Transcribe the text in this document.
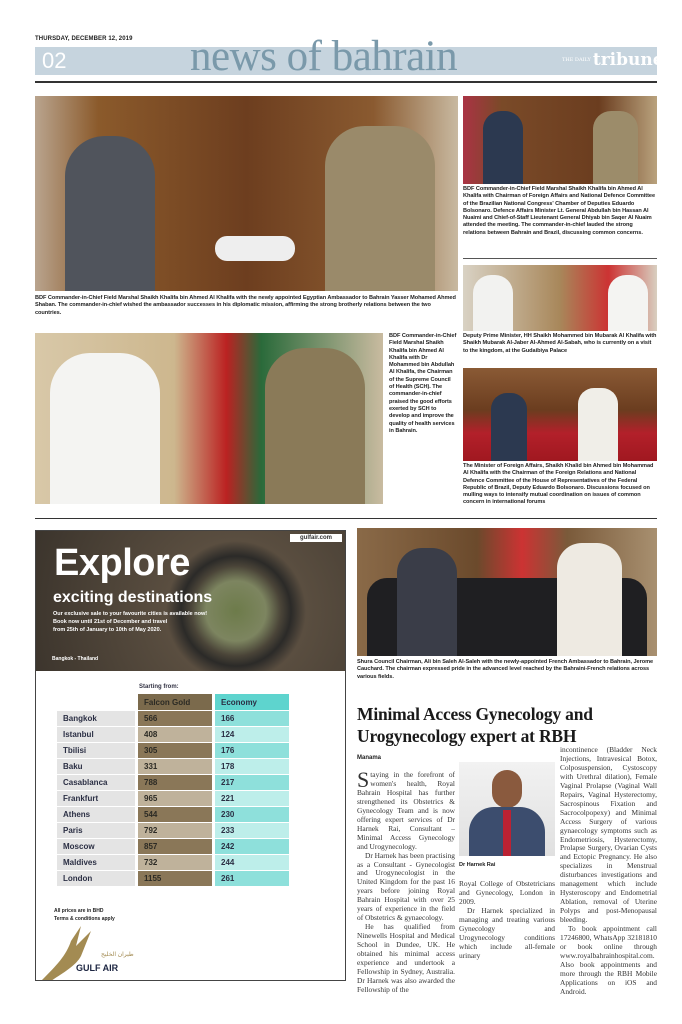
THURSDAY, DECEMBER 12, 2019
02	news of bahrain	THE DAILY tribune
BDF Commander-in-Chief Field Marshal Shaikh Khalifa bin Ahmed Al Khalifa with the newly appointed Egyptian Ambassador to Bahrain Yasser Mohamed Ahmed Shaban. The commander-in-chief wished the ambassador successes in his diplomatic mission, affirming the strong brotherly relations between the two countries.
BDF Commander-in-Chief Field Marshal Shaikh Khalifa bin Ahmed Al Khalifa with Chairman of Foreign Affairs and National Defence Committee of the Brazilian National Congress' Chamber of Deputies Eduardo Bolsonaro. Defence Affairs Minister Lt. General Abdullah bin Hassan Al Nuaimi and Chief-of-Staff Lieutenant General Dhiyab bin Saqer Al Nuaim attended the meeting. The commander-in-chief lauded the strong relations between Bahrain and Brazil, discussing common concerns.
Deputy Prime Minister, HH Shaikh Mohammed bin Mubarak Al Khalifa with Shaikh Mubarak Al-Jaber Al-Ahmed Al-Sabah, who is currently on a visit to the kingdom, at the Gudaibiya Palace
BDF Commander-in-Chief Field Marshal Shaikh Khalifa bin Ahmed Al Khalifa with Dr Mohammed bin Abdullah Al Khalifa, the Chairman of the Supreme Council of Health (SCH). The commander-in-chief praised the good efforts exerted by SCH to develop and improve the quality of health services in Bahrain.
The Minister of Foreign Affairs, Shaikh Khalid bin Ahmed bin Mohammad Al Khalifa with the Chairman of the Foreign Relations and National Defence Committee of the House of Representatives of the Federal Republic of Brazil, Deputy Eduardo Bolsonaro. Discussions focused on mulling ways to intensify mutual coordination on issues of common concern in international forums
gulfair.com
Explore
exciting destinations
Our exclusive sale to your favourite cities is available now!
Book now until 21st of December and travel
from 25th of January to 10th of May 2020.
Bangkok - Thailand
Starting from:
	Falcon Gold	Economy
Bangkok	566	166
Istanbul	408	124
Tbilisi	305	176
Baku	331	178
Casablanca	788	217
Frankfurt	965	221
Athens	544	230
Paris	792	233
Moscow	857	242
Maldives	732	244
London	1155	261
All prices are in BHD
Terms & conditions apply
طيران الخليج
GULF AIR
Shura Council Chairman, Ali bin Saleh Al-Saleh with the newly-appointed French Ambassador to Bahrain, Jerome Cauchard. The chairman expressed pride in the advanced level reached by the Bahraini-French relations across various fields.
Minimal Access Gynecology and Urogynecology expert at RBH
Manama

Staying in the forefront of women's health, Royal Bahrain Hospital has further strengthened its Obstetrics & Gynecology Team and is now offering expert services of Dr Harnek Rai, Consultant – Minimal Access Gynecology and Urogynecology.

Dr Harnek has been practising as a Consultant - Gynecologist and Urogynecologist in the United Kingdom for the past 16 years before joining Royal Bahrain Hospital with over 25 years of experience in the field of Obstetrics & gynaecology.

He has qualified from Ninewells Hospital and Medical School in Dundee, UK. He obtained his minimal access experience and undertook a Fellowship in Sydney, Australia. Dr Harnek was also awarded the Fellowship of the

Dr Harnek Rai

Royal College of Obstetricians and Gynecology, London in 2009.

Dr Harnek specialized in managing and treating various Gynecology and Urogynecology conditions which include all-female urinary

incontinence (Bladder Neck Injections, Intravesical Botox, Colposuspension, Cystoscopy with Urethral dilation), Female Vaginal Prolapse (Vaginal Wall Repairs, Vaginal Hysterectomy, Sacrospinous Fixation and Sacrocolpopexy) and Minimal Access Surgery of various gynaecology symptoms such as Endometriosis, Hysterectomy, Prolapse Surgery, Ovarian Cysts and Ectopic Pregnancy. He also specializes in Menstrual disturbances investigations and management which include Hysteroscopy and Endometrial Ablation, removal of Uterine Polyps and post-Menopausal bleeding.

To book appointment call 17246800, WhatsApp 32181810 or book online through www.royalbahrainhospital.com. Also book appointments and more through the RBH Mobile Applications on iOS and Android.
